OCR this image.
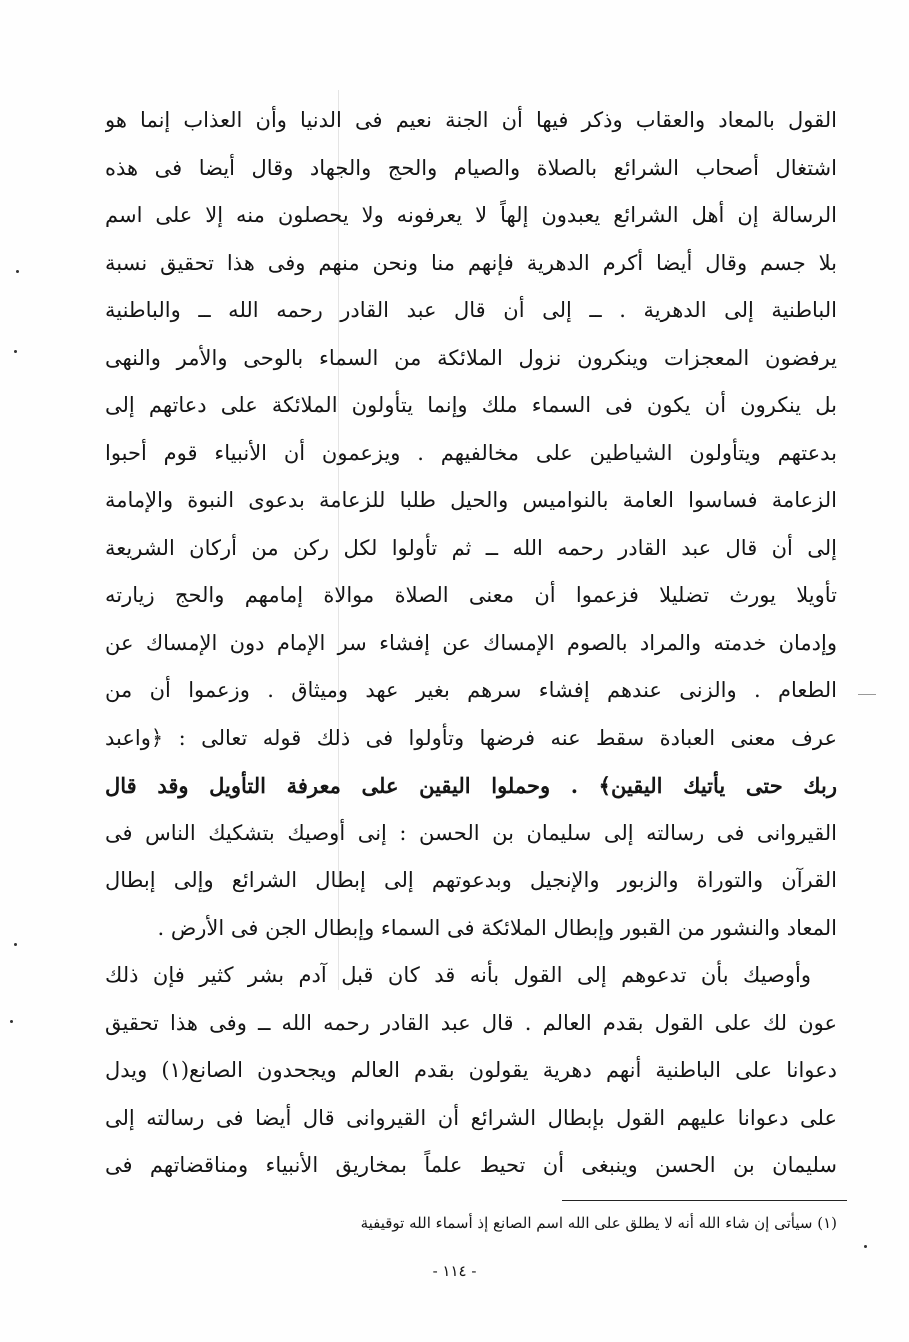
القول بالمعاد والعقاب وذكر فيها أن الجنة نعيم فى الدنيا وأن العذاب إنما هو
اشتغال أصحاب الشرائع بالصلاة والصيام والحج والجهاد وقال أيضا فى هذه
الرسالة إن أهل الشرائع يعبدون إلهاً لا يعرفونه ولا يحصلون منه إلا على اسم
بلا جسم وقال أيضا أكرم الدهرية فإنهم منا ونحن منهم وفى هذا تحقيق نسبة
الباطنية إلى الدهرية . ــ إلى أن قال عبد القادر رحمه الله ــ والباطنية
يرفضون المعجزات وينكرون نزول الملائكة من السماء بالوحى والأمر والنهى
بل ينكرون أن يكون فى السماء ملك وإنما يتأولون الملائكة على دعاتهم إلى
بدعتهم ويتأولون الشياطين على مخالفيهم . ويزعمون أن الأنبياء قوم أحبوا
الزعامة فساسوا العامة بالنواميس والحيل طلبا للزعامة بدعوى النبوة والإمامة
إلى أن قال عبد القادر رحمه الله ــ ثم تأولوا لكل ركن من أركان الشريعة
تأويلا يورث تضليلا فزعموا أن معنى الصلاة موالاة إمامهم والحج زيارته
وإدمان خدمته والمراد بالصوم الإمساك عن إفشاء سر الإمام دون الإمساك عن
الطعام . والزنى عندهم إفشاء سرهم بغير عهد وميثاق . وزعموا أن من
عرف معنى العبادة سقط عنه فرضها وتأولوا فى ذلك قوله تعالى : ﴿واعبد
ربك حتى يأتيك اليقين﴾ . وحملوا اليقين على معرفة التأويل وقد قال
القيروانى فى رسالته إلى سليمان بن الحسن : إنى أوصيك بتشكيك الناس فى
القرآن والتوراة والزبور والإنجيل وبدعوتهم إلى إبطال الشرائع وإلى إبطال
المعاد والنشور من القبور وإبطال الملائكة فى السماء وإبطال الجن فى الأرض .
وأوصيك بأن تدعوهم إلى القول بأنه قد كان قبل آدم بشر كثير فإن ذلك
عون لك على القول بقدم العالم . قال عبد القادر رحمه الله ــ وفى هذا تحقيق
دعوانا على الباطنية أنهم دهرية يقولون بقدم العالم ويجحدون الصانع(١) ويدل
على دعوانا عليهم القول بإبطال الشرائع أن القيروانى قال أيضا فى رسالته إلى
سليمان بن الحسن وينبغى أن تحيط علماً بمخاريق الأنبياء ومناقضاتهم فى
(١) سيأتى إن شاء الله أنه لا يطلق على الله اسم الصانع إذ أسماء الله توقيفية
- ١١٤ -
